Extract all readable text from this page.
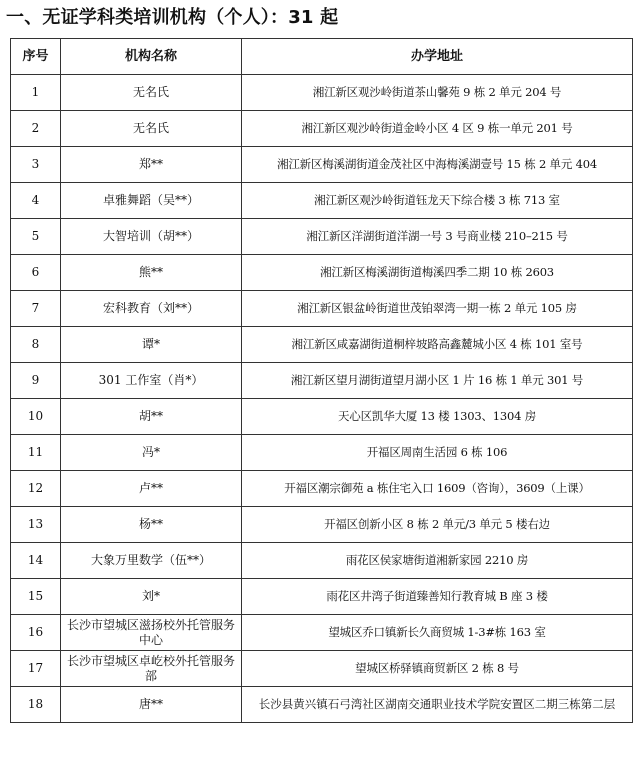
一、无证学科类培训机构（个人）：31 起
序号	机构名称	办学地址
1	无名氏	湘江新区观沙岭街道茶山馨苑 9 栋 2 单元 204 号
2	无名氏	湘江新区观沙岭街道金岭小区 4 区 9 栋一单元 201 号
3	郑**	湘江新区梅溪湖街道金茂社区中海梅溪湖壹号 15 栋 2 单元 404
4	卓雅舞蹈（吴**）	湘江新区观沙岭街道钰龙天下综合楼 3 栋 713 室
5	大智培训（胡**）	湘江新区洋湖街道洋湖一号 3 号商业楼 210–215 号
6	熊**	湘江新区梅溪湖街道梅溪四季二期 10 栋 2603
7	宏科教育（刘**）	湘江新区银盆岭街道世茂铂翠湾一期一栋 2 单元 105 房
8	谭*	湘江新区咸嘉湖街道桐梓坡路高鑫麓城小区 4 栋 101 室号
9	301 工作室（肖*）	湘江新区望月湖街道望月湖小区 1 片 16 栋 1 单元 301 号
10	胡**	天心区凯华大厦 13 楼 1303、1304 房
11	冯*	开福区周南生活园 6 栋 106
12	卢**	开福区潮宗御苑 a 栋住宅入口 1609（咨询），3609（上课）
13	杨**	开福区创新小区 8 栋 2 单元/3 单元 5 楼右边
14	大象万里数学（伍**）	雨花区侯家塘街道湘新家园 2210 房
15	刘*	雨花区井湾子街道臻善知行教育城 B 座 3 楼
16	长沙市望城区滋扬校外托管服务中心	望城区乔口镇新长久商贸城 1-3#栋 163 室
17	长沙市望城区卓屹校外托管服务部	望城区桥驿镇商贸新区 2 栋 8 号
18	唐**	长沙县黄兴镇石弓湾社区湖南交通职业技术学院安置区二期三栋第二层
